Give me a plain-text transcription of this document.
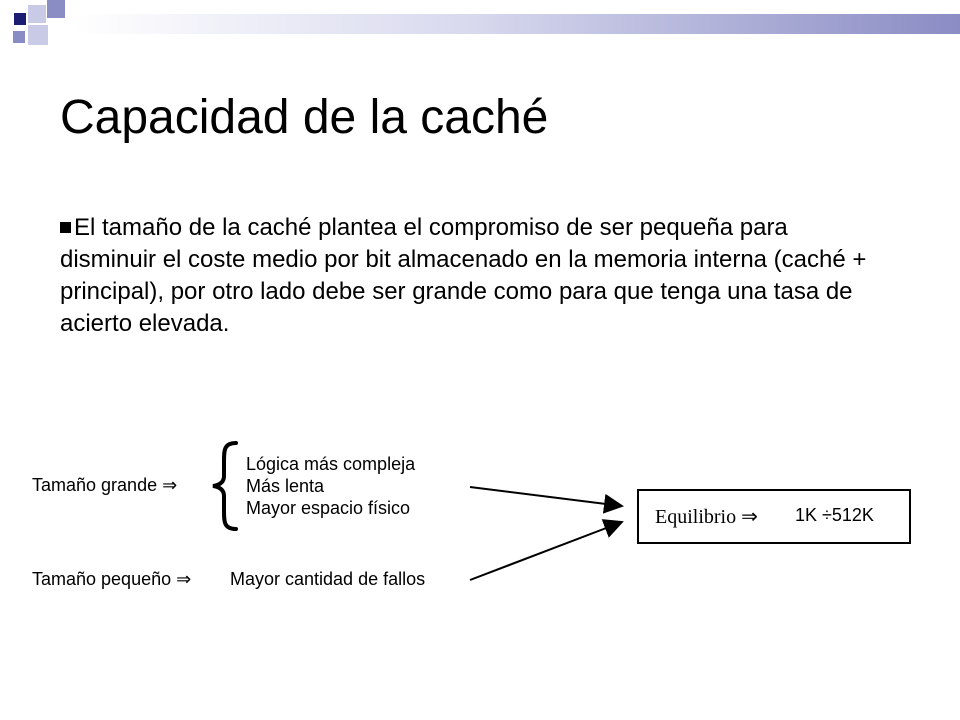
Capacidad de la caché
El tamaño de la caché plantea el compromiso de ser pequeña para disminuir el coste medio por bit almacenado en la memoria interna (caché + principal), por otro lado debe ser grande como para que tenga una tasa de acierto elevada.
Tamaño grande ⇒
Lógica más compleja
Más lenta
Mayor espacio físico
Tamaño pequeño ⇒ Mayor cantidad de fallos
Equilibrio ⇒ 1K ÷512K
